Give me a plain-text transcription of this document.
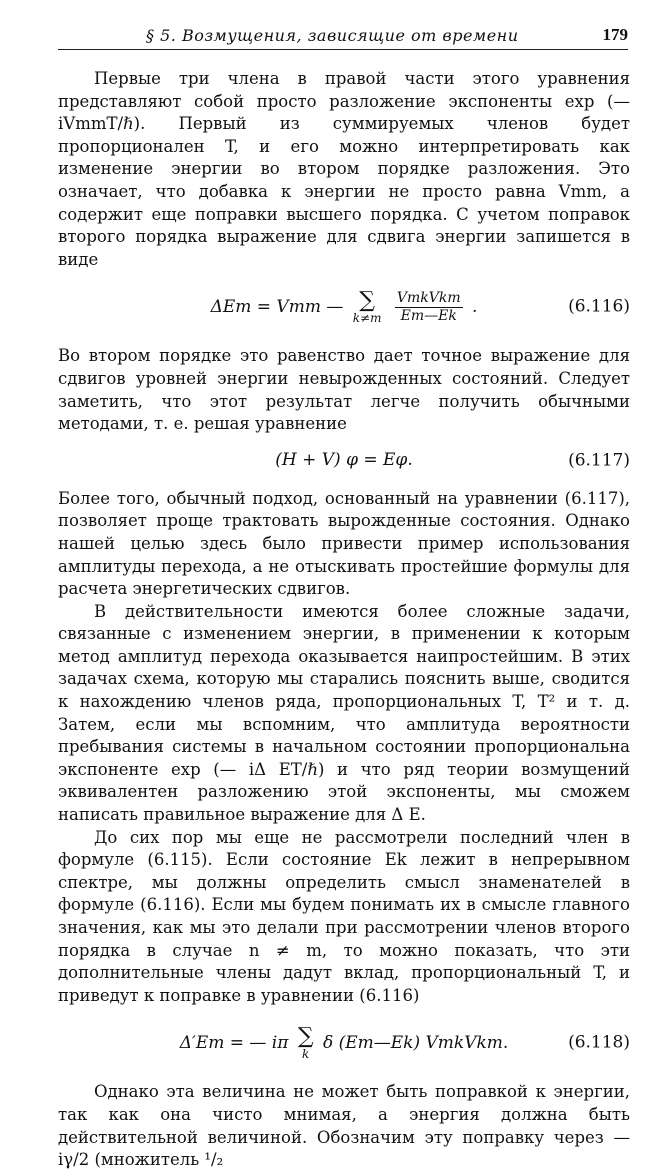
§ 5. Возмущения, зависящие от времени	179

Первые три члена в правой части этого уравнения представляют собой просто разложение экспоненты exp (—iVmmT/ℏ). Первый из суммируемых членов будет пропорционален T, и его можно интерпретировать как изменение энергии во втором порядке разложения. Это означает, что добавка к энергии не просто равна Vmm, а содержит еще поправки высшего порядка. С учетом поправок второго порядка выражение для сдвига энергии запишется в виде

ΔEm = Vmm — ∑
k≠m
$\frac{\text{VmkVkm}}{Em—Ek}$ .	(6.116)

Во втором порядке это равенство дает точное выражение для сдвигов уровней энергии невырожденных состояний. Следует заметить, что этот результат легче получить обычными методами, т. е. решая уравнение

(H + V) φ = Eφ.	(6.117)

Более того, обычный подход, основанный на уравнении (6.117), позволяет проще трактовать вырожденные состояния. Однако нашей целью здесь было привести пример использования амплитуды перехода, а не отыскивать простейшие формулы для расчета энергетических сдвигов.

В действительности имеются более сложные задачи, связанные с изменением энергии, в применении к которым метод амплитуд перехода оказывается наипростейшим. В этих задачах схема, которую мы старались пояснить выше, сводится к нахождению членов ряда, пропорциональных T, T² и т. д. Затем, если мы вспомним, что амплитуда вероятности пребывания системы в начальном состоянии пропорциональна экспоненте exp (— iΔ ET/ℏ) и что ряд теории возмущений эквивалентен разложению этой экспоненты, мы сможем написать правильное выражение для Δ E.

До сих пор мы еще не рассмотрели последний член в формуле (6.115). Если состояние Ek лежит в непрерывном спектре, мы должны определить смысл знаменателей в формуле (6.116). Если мы будем понимать их в смысле главного значения, как мы это делали при рассмотрении членов второго порядка в случае n ≠ m, то можно показать, что эти дополнительные члены дадут вклад, пропорциональный T, и приведут к поправке в уравнении (6.116)

Δ′Em = — iπ ∑
k
δ (Em—Ek) VmkVkm.	(6.118)

Однако эта величина не может быть поправкой к энергии, так как она чисто мнимая, а энергия должна быть действительной величиной. Обозначим эту поправку через — iγ/2 (множитель ¹/₂
